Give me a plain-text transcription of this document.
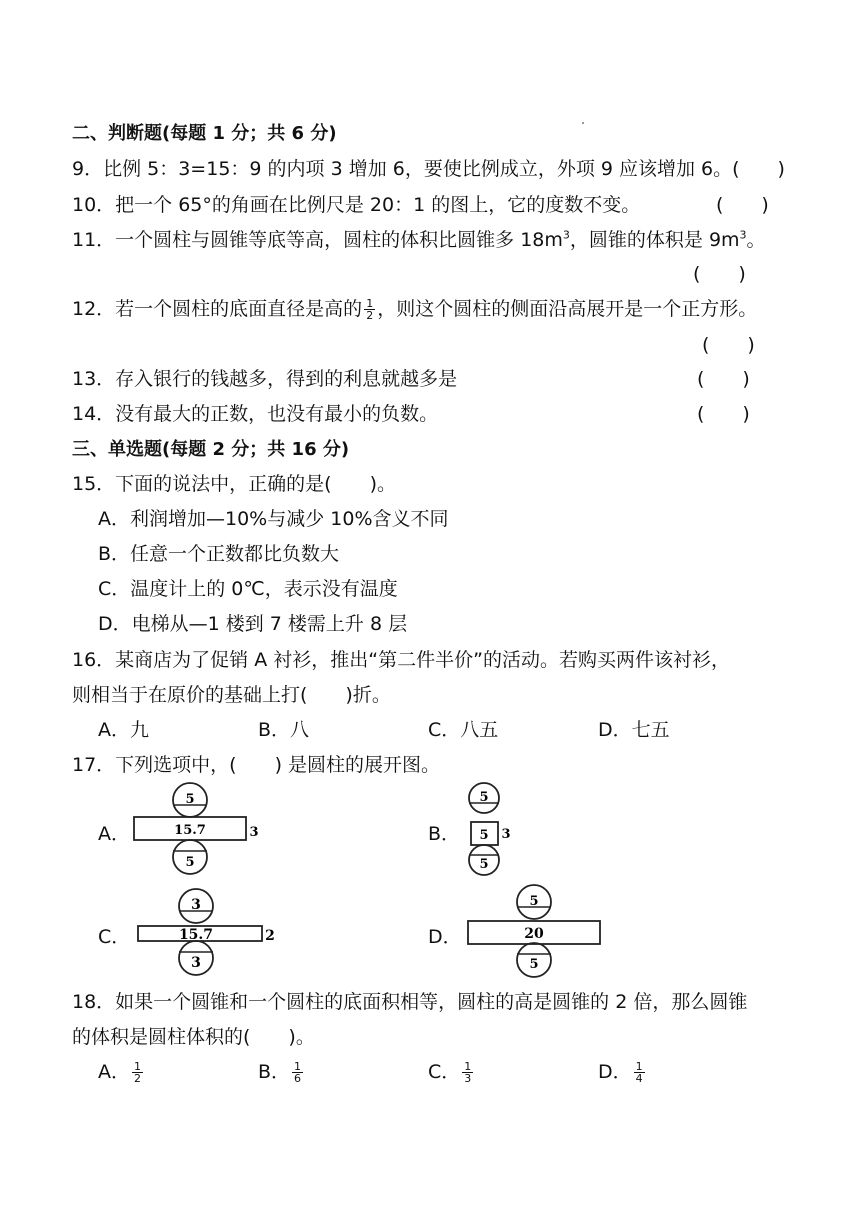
二、判断题(每题 1 分；共 6 分)
9．比例 5：3=15：9 的内项 3 增加 6，要使比例成立，外项 9 应该增加 6。(　　)
10．把一个 65°的角画在比例尺是 20：1 的图上，它的度数不变。	(　　)
11．一个圆柱与圆锥等底等高，圆柱的体积比圆锥多 $18m^3$，圆锥的体积是 $9m^3$。
(　　)
12．若一个圆柱的底面直径是高的 $\frac{1}{2}$ ，则这个圆柱的侧面沿高展开是一个正方形。
(　　)
13．存入银行的钱越多，得到的利息就越多是	(　　)
14．没有最大的正数，也没有最小的负数。	(　　)
三、单选题(每题 2 分；共 16 分)
15．下面的说法中，正确的是(　　)。
A．利润增加—10%与减少 10%含义不同
B．任意一个正数都比负数大
C．温度计上的 0℃，表示没有温度
D．电梯从—1 楼到 7 楼需上升 8 层
16．某商店为了促销 A 衬衫，推出“第二件半价”的活动。若购买两件该衬衫，
则相当于在原价的基础上打(　　)折。
A．九	B．八	C．八五	D．七五
17．下列选项中，(　　) 是圆柱的展开图。
A．
5
15.7	3
5
B．
5
5 3
5
C．
3
15.7	2
3
D．
5
20
5
18．如果一个圆锥和一个圆柱的底面积相等，圆柱的高是圆锥的 2 倍，那么圆锥
的体积是圆柱体积的(　　)。
A． $\frac{1}{2}$	B． $\frac{1}{6}$	C． $\frac{1}{3}$	D． $\frac{1}{4}$
